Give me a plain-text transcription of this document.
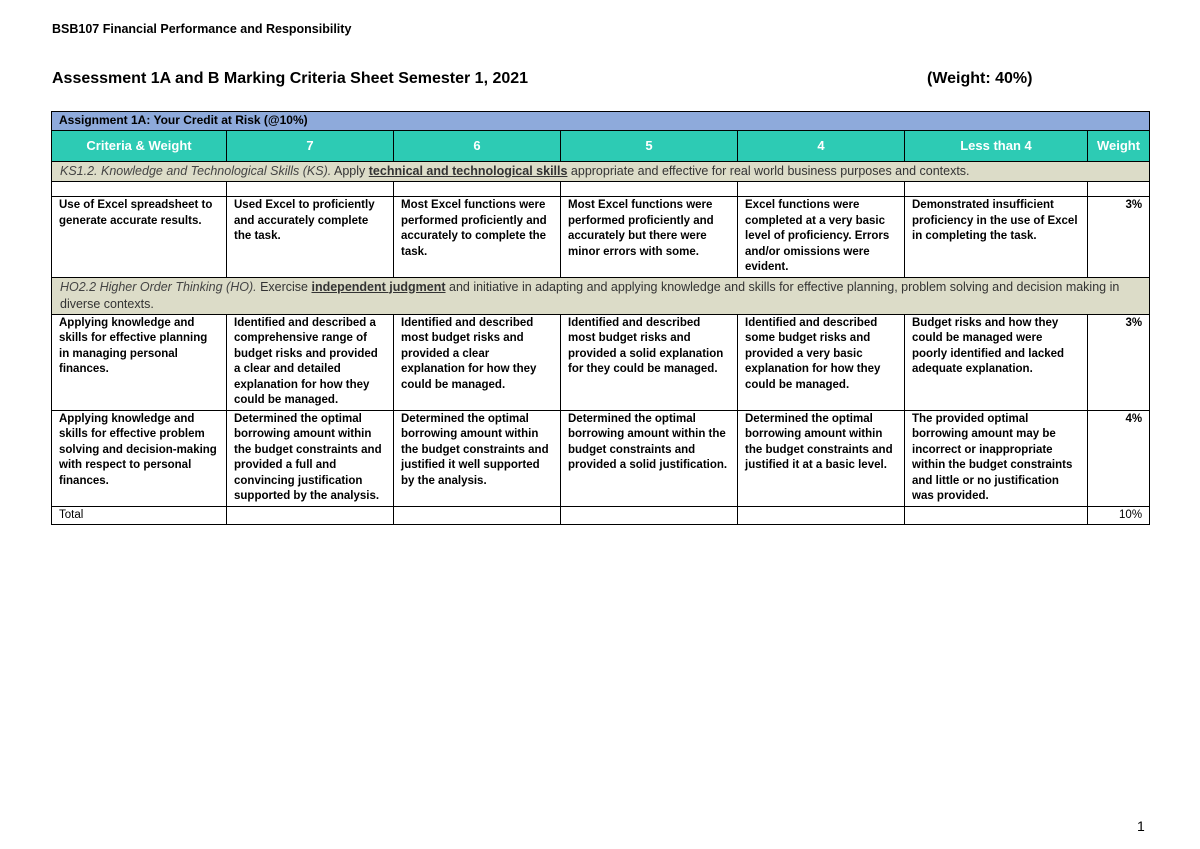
BSB107 Financial Performance and Responsibility
Assessment 1A and B Marking Criteria Sheet Semester 1, 2021	(Weight: 40%)
Assignment 1A: Your Credit at Risk (@10%)						
Criteria & Weight	7	6	5	4	Less than 4	Weight
KS1.2. Knowledge and Technological Skills (KS). Apply technical and technological skills appropriate and effective for real world business purposes and contexts.						

Use of Excel spreadsheet to generate accurate results.	Used Excel to proficiently and accurately complete the task.	Most Excel functions were performed proficiently and accurately to complete the task.	Most Excel functions were performed proficiently and accurately but there were minor errors with some.	Excel functions were completed at a very basic level of proficiency. Errors and/or omissions were evident.	Demonstrated insufficient proficiency in the use of Excel in completing the task.	3%
HO2.2 Higher Order Thinking (HO). Exercise independent judgment and initiative in adapting and applying knowledge and skills for effective planning, problem solving and decision making in diverse contexts.						
Applying knowledge and skills for effective planning in managing personal finances.	Identified and described a comprehensive range of budget risks and provided a clear and detailed explanation for how they could be managed.	Identified and described most budget risks and provided a clear explanation for how they could be managed.	Identified and described most budget risks and provided a solid explanation for they could be managed.	Identified and described some budget risks and provided a very basic explanation for how they could be managed.	Budget risks and how they could be managed were poorly identified and lacked adequate explanation.	3%
Applying knowledge and skills for effective problem solving and decision-making with respect to personal finances.	Determined the optimal borrowing amount within the budget constraints and provided a full and convincing justification supported by the analysis.	Determined the optimal borrowing amount within the budget constraints and justified it well supported by the analysis.	Determined the optimal borrowing amount within the budget constraints and provided a solid justification.	Determined the optimal borrowing amount within the budget constraints and justified it at a basic level.	The provided optimal borrowing amount may be incorrect or inappropriate within the budget constraints and little or no justification was provided.	4%
Total						10%
1
